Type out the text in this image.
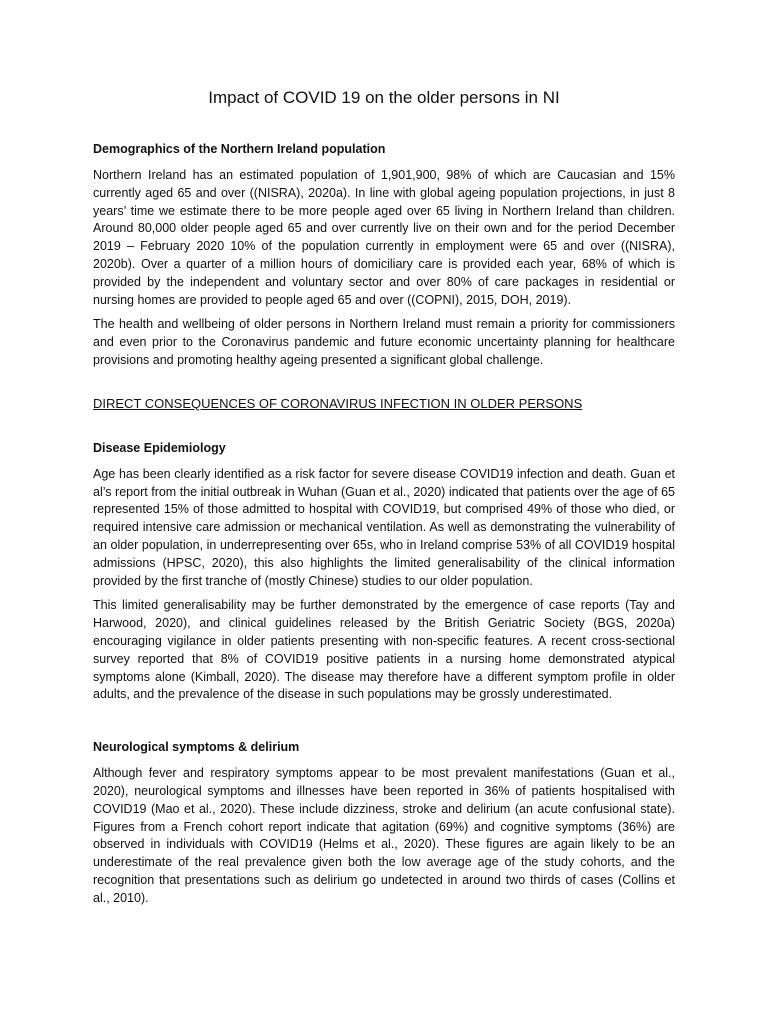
Impact of COVID 19 on the older persons in NI
Demographics of the Northern Ireland population

Northern Ireland has an estimated population of 1,901,900, 98% of which are Caucasian and 15% currently aged 65 and over ((NISRA), 2020a). In line with global ageing population projections, in just 8 years’ time we estimate there to be more people aged over 65 living in Northern Ireland than children. Around 80,000 older people aged 65 and over currently live on their own and for the period December 2019 – February 2020 10% of the population currently in employment were 65 and over ((NISRA), 2020b). Over a quarter of a million hours of domiciliary care is provided each year, 68% of which is provided by the independent and voluntary sector and over 80% of care packages in residential or nursing homes are provided to people aged 65 and over ((COPNI), 2015, DOH, 2019).

The health and wellbeing of older persons in Northern Ireland must remain a priority for commissioners and even prior to the Coronavirus pandemic and future economic uncertainty planning for healthcare provisions and promoting healthy ageing presented a significant global challenge.

DIRECT CONSEQUENCES OF CORONAVIRUS INFECTION IN OLDER PERSONS
Disease Epidemiology

Age has been clearly identified as a risk factor for severe disease COVID19 infection and death. Guan et al’s report from the initial outbreak in Wuhan (Guan et al., 2020) indicated that patients over the age of 65 represented 15% of those admitted to hospital with COVID19, but comprised 49% of those who died, or required intensive care admission or mechanical ventilation. As well as demonstrating the vulnerability of an older population, in underrepresenting over 65s, who in Ireland comprise 53% of all COVID19 hospital admissions (HPSC, 2020), this also highlights the limited generalisability of the clinical information provided by the first tranche of (mostly Chinese) studies to our older population.

This limited generalisability may be further demonstrated by the emergence of case reports (Tay and Harwood, 2020), and clinical guidelines released by the British Geriatric Society (BGS, 2020a) encouraging vigilance in older patients presenting with non-specific features. A recent cross-sectional survey reported that 8% of COVID19 positive patients in a nursing home demonstrated atypical symptoms alone (Kimball, 2020). The disease may therefore have a different symptom profile in older adults, and the prevalence of the disease in such populations may be grossly underestimated.

Neurological symptoms & delirium

Although fever and respiratory symptoms appear to be most prevalent manifestations (Guan et al., 2020), neurological symptoms and illnesses have been reported in 36% of patients hospitalised with COVID19 (Mao et al., 2020). These include dizziness, stroke and delirium (an acute confusional state). Figures from a French cohort report indicate that agitation (69%) and cognitive symptoms (36%) are observed in individuals with COVID19 (Helms et al., 2020). These figures are again likely to be an underestimate of the real prevalence given both the low average age of the study cohorts, and the recognition that presentations such as delirium go undetected in around two thirds of cases (Collins et al., 2010).
